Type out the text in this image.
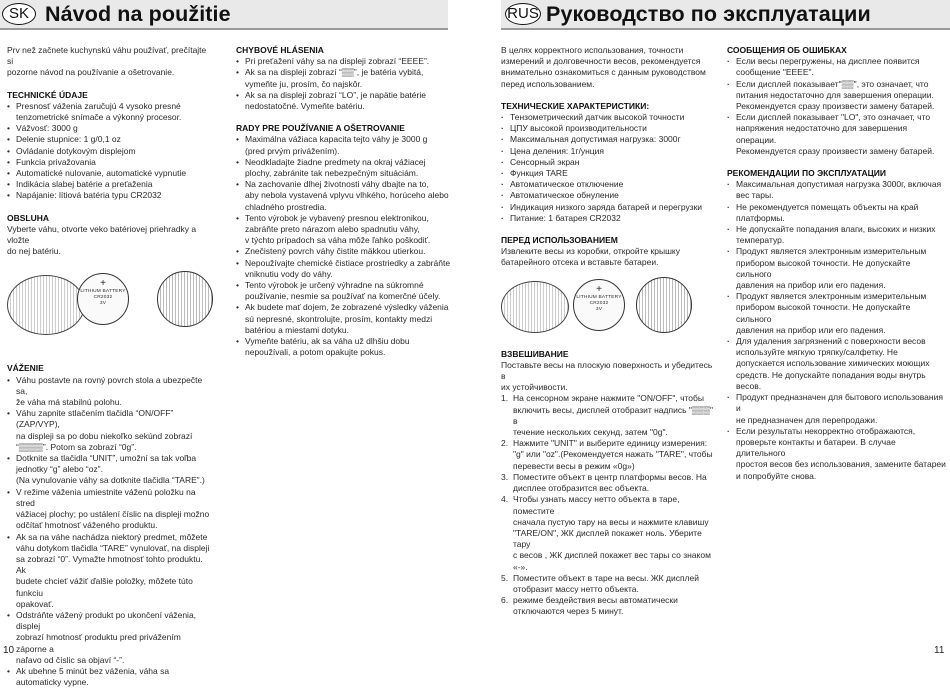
SK Návod na použitie	RUS Руководство по эксплуатации

Prv než začnete kuchynskú váhu používať, prečítajte si
pozorne návod na používanie a ošetrovanie.

TECHNICKÉ ÚDAJE
• Presnosť váženia zaručujú 4 vysoko presné
tenzometrické snímače a výkonný procesor.
• Vážvosť: 3000 g
• Delenie stupnice: 1 g/0,1 oz
• Ovládanie dotykovým displejom
• Funkcia privažovania
• Automatické nulovanie, automatické vypnutie
• Indikácia slabej batérie a preťaženia
• Napájanie: lítiová batéria typu CR2032
OBSLUHA

Vyberte váhu, otvorte veko batériovej priehradky a vložte
do nej batériu.

+
LITHIUM BATTERY
CR2032
3V
VÁŽENIE
• Váhu postavte na rovný povrch stola a ubezpečte sa,
že váha má stabilnú polohu.
• Váhu zapnite stlačením tlačidla “ON/OFF” (ZAP/VYP),
na displeji sa po dobu niekoľko sekúnd zobrazí
“▒▒▒▒”. Potom sa zobrazí “0g”.
• Dotknite sa tlačidla “UNIT”, umožní sa tak voľba
jednotky “g” alebo “oz”.
(Na vynulovanie váhy sa dotknite tlačidla “TARE”.)
• V režime váženia umiestnite váženú položku na stred
vážiacej plochy; po ustálení číslic na displeji možno
odčítať hmotnosť váženého produktu.
• Ak sa na váhe nachádza niektorý predmet, môžete
váhu dotykom tlačidla “TARE” vynulovať, na displeji
sa zobrazí “0”. Vymažte hmotnosť tohto produktu. Ak
budete chcieť vážiť ďalšie položky, môžete túto funkciu
opakovať.
• Odstráňte vážený produkt po ukončení váženia, displej
zobrazí hmotnosť produktu pred privážením záporne a
naľavo od číslic sa objaví “-”.
• Ak ubehne 5 minút bez váženia, váha sa
automaticky vypne.
CHYBOVÉ HLÁSENIA
• Pri preťažení váhy sa na displeji zobrazí “EEEE”.
• Ak sa na displeji zobrazí “▒▒”, je batéria vybitá,
vymeňte ju, prosím, čo najskôr.
• Ak sa na displeji zobrazí “LO”, je napätie batérie
nedostatočné. Vymeňte batériu.
RADY PRE POUŽÍVANIE A OŠETROVANIE
• Maximálna vážiaca kapacita tejto váhy je 3000 g
(pred prvým privážením).
• Neodkladajte žiadne predmety na okraj vážiacej
plochy, zabránite tak nebezpečným situáciám.
• Na zachovanie dlhej životnosti váhy dbajte na to,
aby nebola vystavená vplyvu vlhkého, horúceho alebo
chladného prostredia.
• Tento výrobok je vybavený presnou elektronikou,
zabráňte preto nárazom alebo spadnutiu váhy,
v týchto prípadoch sa váha môže ľahko poškodiť.
• Znečistený povrch váhy čistite mäkkou utierkou.
• Nepoužívajte chemické čistiace prostriedky a zabráňte
vniknutiu vody do váhy.
• Tento výrobok je určený výhradne na súkromné
používanie, nesmie sa používať na komerčné účely.
• Ak budete mať dojem, že zobrazené výsledky váženia
sú nepresné, skontrolujte, prosím, kontakty medzi
batériou a miestami dotyku.
• Vymeňte batériu, ak sa váha už dlhšiu dobu
nepoužívali, a potom opakujte pokus.

В целях корректного использования, точности
измерений и долговечности весов, рекомендуется
внимательно ознакомиться с данным руководством
перед использованием.

ТЕХНИЧЕСКИЕ ХАРАКТЕРИСТИКИ:
· Тензометрический датчик высокой точности
· ЦПУ высокой производительности
· Максимальная допустимая нагрузка: 3000г
· Цена деления: 1г/унция
· Сенсорный экран
· Функция TARE
· Автоматическое отключение
· Автоматическое обнуление
· Индикация низкого заряда батарей и перегрузки
· Питание: 1 батарея CR2032
ПЕРЕД ИСПОЛЬЗОВАНИЕМ

Извлеките весы из коробки, откройте крышку
батарейного отсека и вставьте батареи.

+
LITHIUM BATTERY
CR2032
3V
ВЗВЕШИВАНИЕ

Поставьте весы на плоскую поверхность и убедитесь в
их устойчивости.

1. На сенсорном экране нажмите "ON/OFF", чтобы
включить весы, дисплей отобразит надпись "▒▒▒" в
течение нескольких секунд, затем "0g".
2. Нажмите "UNIT" и выберите единицу измерения:
"g" или "oz".(Рекомендуется нажать "TARE", чтобы
перевести весы в режим «0g»)
3. Поместите объект в центр платформы весов. На
дисплее отобразится вес объекта.
4. Чтобы узнать массу нетто объекта в таре, поместите
сначала пустую тару на весы и нажмите клавишу
"TARE/ON", ЖК дисплей покажет ноль. Уберите тару
с весов , ЖК дисплей покажет вес тары со знаком «-».
5. Поместите объект в таре на весы. ЖК дисплей
отобразит массу нетто объекта.
6. режиме бездействия весы автоматически
отключаются через 5 минут.
СООБЩЕНИЯ ОБ ОШИБКАХ
· Если весы перегружены, на дисплее появится
сообщение "EEEE".
· Если дисплей показывает"▒▒", это означает, что
питания недостаточно для завершения операции.
Рекомендуется сразу произвести замену батарей.
· Если дисплей показывает "LO", это означает, что
напряжения недостаточно для завершения операции.
Рекомендуется сразу произвести замену батарей.
РЕКОМЕНДАЦИИ ПО ЭКСПЛУАТАЦИИ
· Максимальная допустимая нагрузка 3000г, включая
вес тары.
· Не рекомендуется помещать объекты на край
платформы.
· Не допускайте попадания влаги, высоких и низких
температур.
· Продукт является электронным измерительным
прибором высокой точности. Не допускайте сильного
давления на прибор или его падения.
· Продукт является электронным измерительным
прибором высокой точности. Не допускайте сильного
давления на прибор или его падения.
· Для удаления загрязнений с поверхности весов
используйте мягкую тряпку/салфетку. Не
допускается использование химических моющих
средств. Не допускайте попадания воды внутрь
весов.
· Продукт предназначен для бытового использования и
не предназначен для перепродажи.
· Если результаты некорректно отображаются,
проверьте контакты и батареи. В случае длительного
простоя весов без использования, замените батареи
и попробуйте снова.
10	11
